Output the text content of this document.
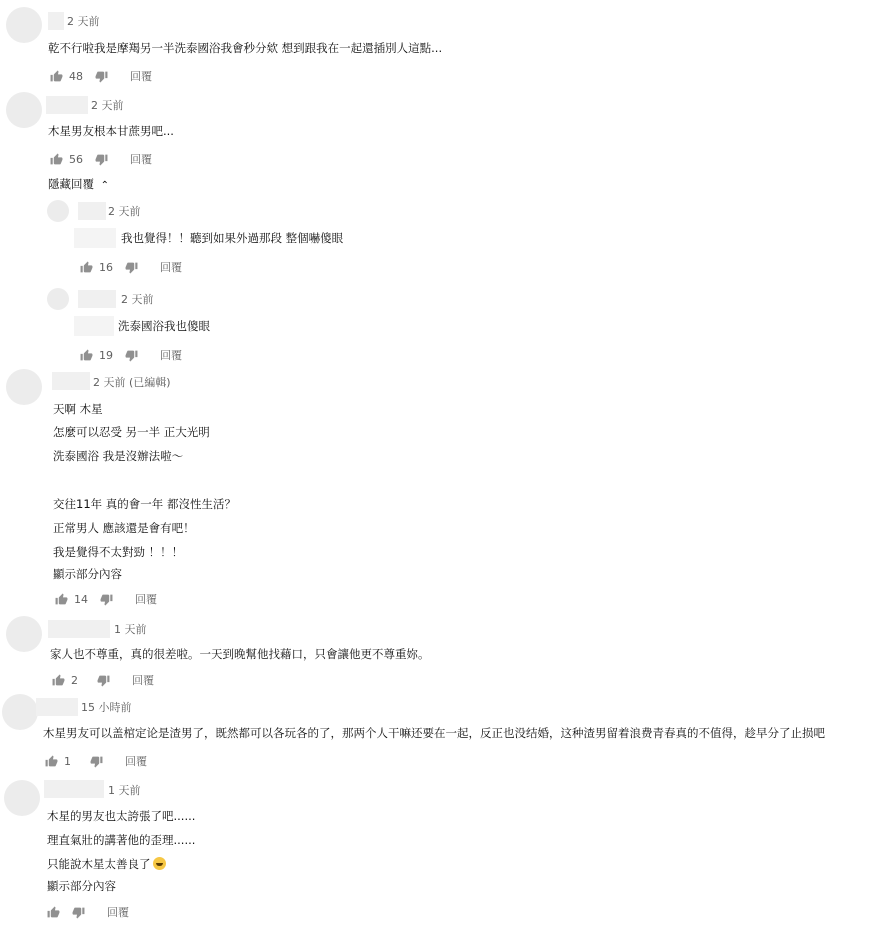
2 天前
乾不行啦我是摩羯另一半洗泰國浴我會秒分欸 想到跟我在一起還插別人這點...
48	回覆
2 天前
木星男友根本甘蔗男吧...
56	回覆
隱藏回覆 ⌃
2 天前
我也覺得！！聽到如果外過那段 整個嚇傻眼
16	回覆
2 天前
洗泰國浴我也傻眼
19	回覆
2 天前 (已編輯)
天啊 木星
怎麼可以忍受 另一半 正大光明
洗泰國浴 我是沒辦法啦～
交往11年 真的會一年 都沒性生活？
正常男人 應該還是會有吧！
我是覺得不太對勁 ！！！
顯示部分內容
14	回覆
1 天前
家人也不尊重，真的很差啦。一天到晚幫他找藉口，只會讓他更不尊重妳。
2	回覆
15 小時前
木星男友可以盖棺定论是渣男了，既然都可以各玩各的了，那两个人干嘛还要在一起，反正也没结婚，这种渣男留着浪费青春真的不值得，趁早分了止损吧
1	回覆
1 天前
木星的男友也太誇張了吧......
理直氣壯的講著他的歪理......
只能說木星太善良了
顯示部分內容
回覆
